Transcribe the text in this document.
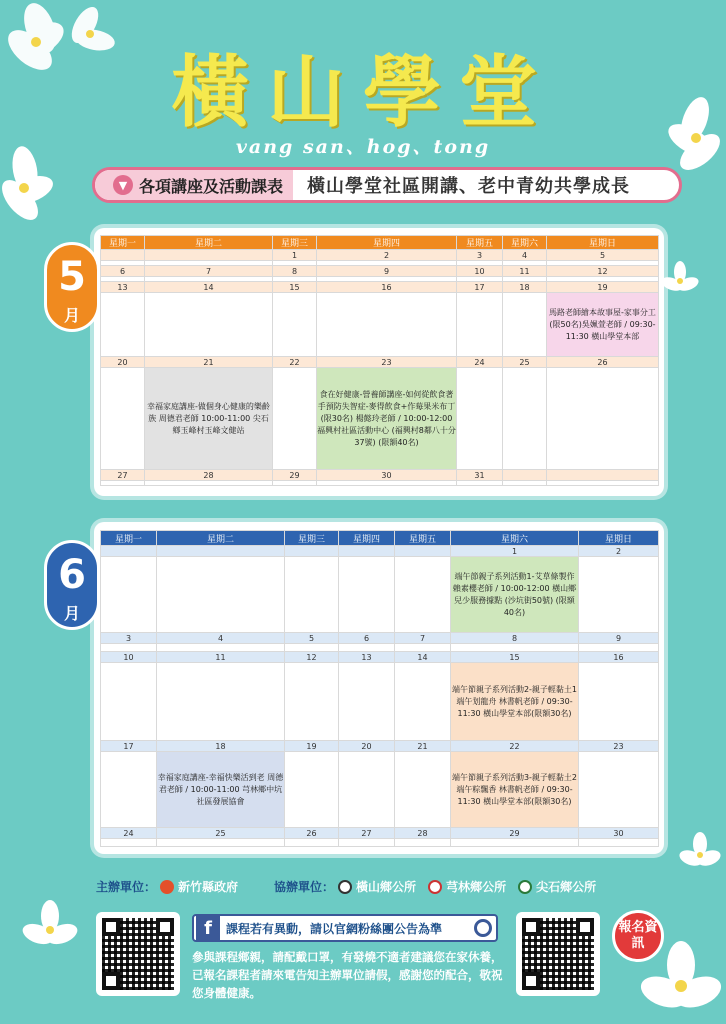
橫山學堂
vang san、hog、tong
▼ 各項講座及活動課表	橫山學堂社區開講、老中青幼共學成長
5
月
星期一	星期二	星期三	星期四	星期五	星期六	星期日
		1	2	3	4	5

6	7	8	9	10	11	12

13	14	15	16	17	18	19
						馬路老師繪本故事屋-家事分工(限50名)吳姵萱老師 / 09:30-11:30 橫山學堂本部
20	21	22	23	24	25	26
	幸福家庭講座-做個身心健康的樂齡族 周德君老師 10:00-11:00 尖石鄉玉峰村玉峰文健站		食在好健康-營養師講座-如何從飲食著手預防失智症-麥得飲食+作莓果米布丁(限30名) 楊懿玲老師 / 10:00-12:00 福興村社區活動中心 (福興村8鄰八十分37號) (限額40名)			
27	28	29	30	31		

6
月
星期一	星期二	星期三	星期四	星期五	星期六	星期日
					1	2
					端午節親子系列活動1-艾草條製作 賴素櫻老師 / 10:00-12:00 橫山鄉兒少服務據點 (沙坑街50號) (限額40名)	
3	4	5	6	7	8	9

10	11	12	13	14	15	16
					端午節親子系列活動2-親子輕黏土1端午划龍舟 林書帆老師 / 09:30-11:30 橫山學堂本部(限額30名)	
17	18	19	20	21	22	23
	幸福家庭講座-幸福快樂活到老 周德君老師 / 10:00-11:00 芎林鄉中坑社區發展協會				端午節親子系列活動3-親子輕黏土2端午粽飄香 林書帆老師 / 09:30-11:30 橫山學堂本部(限額30名)	
24	25	26	27	28	29	30

主辦單位： 新竹縣政府	協辦單位： 橫山鄉公所	芎林鄉公所	尖石鄉公所
f	課程若有異動，請以官網粉絲團公告為準
參與課程鄉親，請配戴口罩，有發燒不適者建議您在家休養，已報名課程者請來電告知主辦單位請假，感謝您的配合，敬祝您身體健康。
報名資訊
